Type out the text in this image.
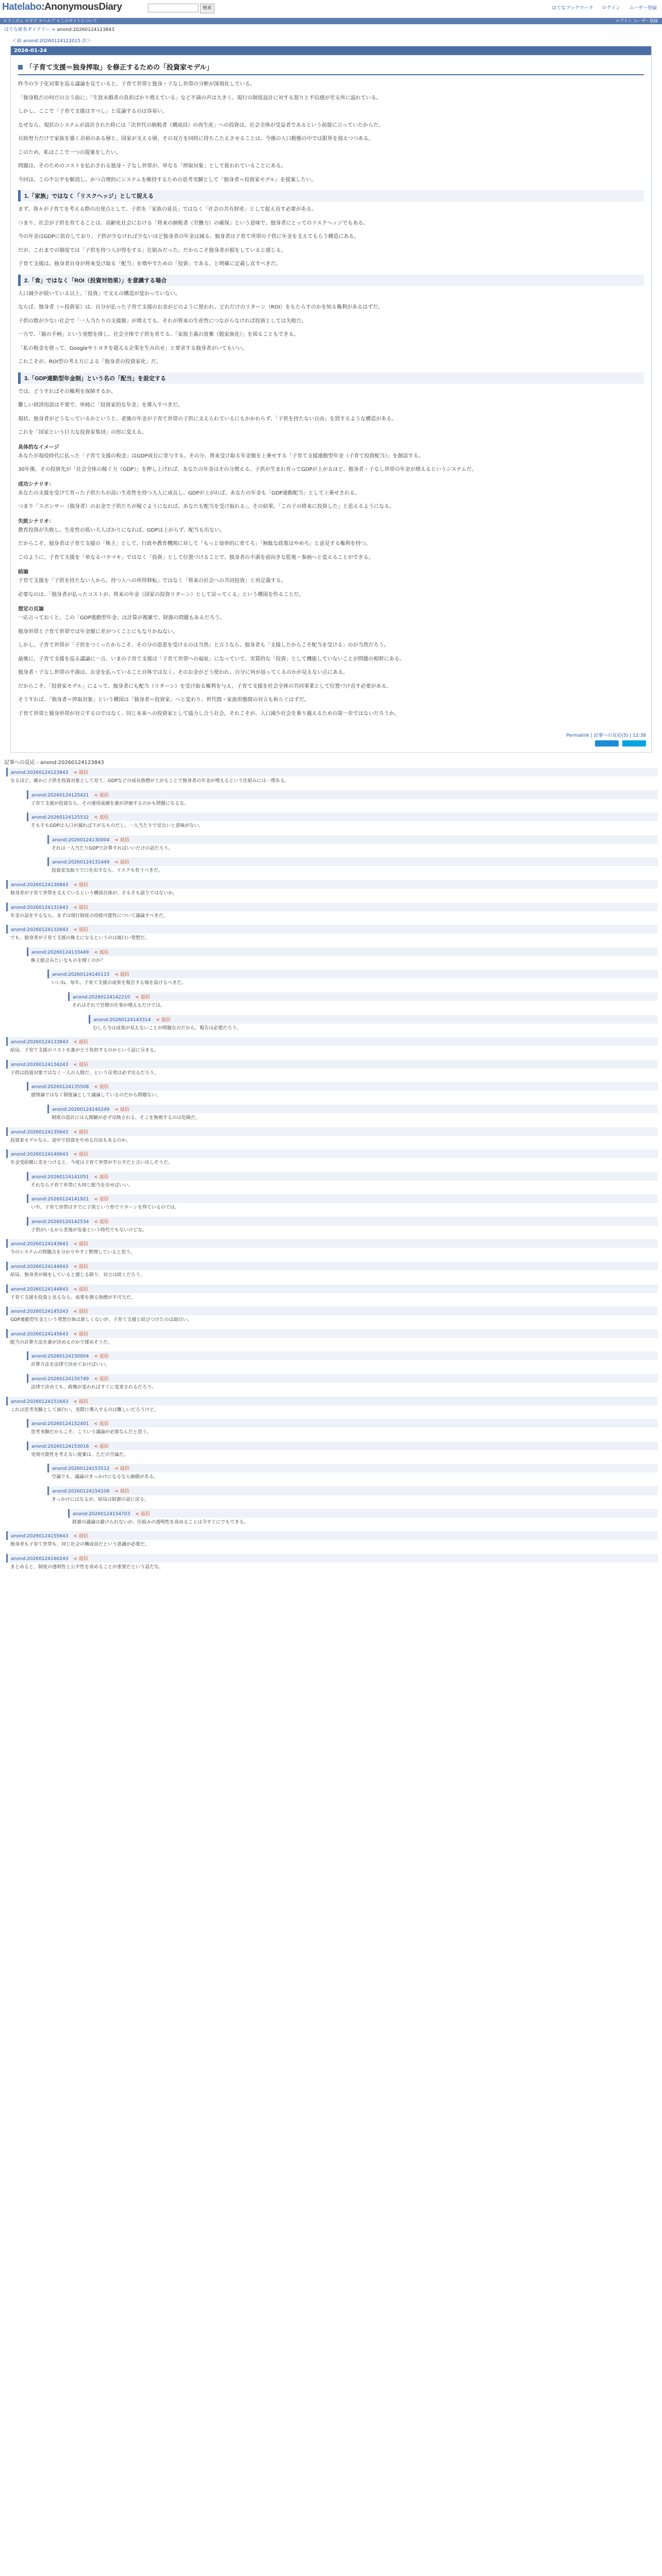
Hatelabo:AnonymousDiary	検索	はてなブックマーク ログイン ユーザー登録
＊ランダム ＊タグ ＊ヘルプ ＊このサイトについて	ログイン ユーザー登録
はてな匿名ダイアリー > anond:20260124123843
＜前 anond:20260124122015 次＞
2026-01-24
「子育て支援＝独身搾取」を修正するための「投資家モデル」

昨今の少子化対策を巡る議論を見ていると、子育て世帯と独身・子なし世帯の分断が深刻化している。

「独身税だの何だの言う前に」「生涯未婚者の負担ばかり増えている」など不満の声は大きく、現行の制度設計に対する怒りと不信感が至る所に溢れている。

しかし、ここで「子育て支援はすべし」と反論するのは容易い。

なぜなら、現状のシステムが設計された時には「次世代の納税者（構成員）の再生産」への投資は、社会全体が受益者であるという前提に立っていたからだ。

自助努力だけで家族を築く余裕のある層と、国家が支える層、その双方を同時に持ちこたえさせることは、今後の人口動態の中では限界を迎えつつある。

このため、私はここで一つの提案をしたい。

問題は、そのためのコストを払わされる独身・子なし世帯が、単なる「搾取対象」として扱われていることにある。

今回は、この不公平を解消し、かつ合理的にシステムを維持するための思考実験として「独身者＝投資家モデル」を提案したい。

1.「家族」ではなく「リスクヘッジ」として捉える

まず、我々が子育てを考える際の出発点として、子供を「家族の延長」ではなく「社会の共有財産」として捉え直す必要がある。

つまり、社会が子供を育てることは、高齢化社会における「将来の納税者（労働力）の確保」という意味で、独身者にとってのリスクヘッジでもある。

今の年金はGDPに依存しており、子供が少なければ少ないほど独身者の年金は減る。独身者は子育て世帯の子供に年金を支えてもらう構造にある。

だが、これまでの制度では「子供を持つ人が得をする」仕組みだった。だからこそ独身者が損をしていると感じる。

子育て支援は、独身者自身が将来受け取る「配当」を増やすための「投資」である、と明確に定義し直すべきだ。

2.「食」ではなく「ROI（投資対効果）」を意識する場合

人口減少が続いている以上、「投資」で支えの構造が変わっていない。

ならば、独身者（＝投資家）は、自分が払った子育て支援のお金がどのように使われ、どれだけのリターン（ROI）をもたらすのかを知る権利があるはずだ。

子供の数が少ない社会で「一人当たりの支援額」が増えても、それが将来の生産性につながらなければ投資としては失敗だ。

一方で、「親の手柄」という発想を排し、社会全体で子供を育てる、「家族主義の放棄（脱家族化）」を図ることもできる。

「私の税金を使って、Googleやトヨタを超える企業を生み出せ」と要求する独身者がいてもいい。

これこそが、ROI型の考え方による「独身者の投資家化」だ。

3.「GDP連動型年金制」という名の「配当」を設定する

では、どうすればその権利を保障するか。

難しい経済用語は不要で、単純に「投資家的な年金」を導入すべきだ。

現状、独身者がどうなっているかというと、老後の年金が子育て世帯の子供に支えられているにもかかわらず、「子供を持たない自由」を罰するような構造がある。

これを「国家という巨大な投資家集団」の形に変える。

具体的なイメージ

あなたが現役時代に払った「子育て支援の税金」はGDP成長に寄与する。その分、将来受け取る年金額を上乗せする「子育て支援連動型年金（子育て投資配当）」を創設する。

30年後、その投資先が「社会全体の稼ぐ力（GDP）」を押し上げれば、あなたの年金はその分増える。子供が生まれ育ってGDPが上がるほど、独身者・子なし世帯の年金が増えるというシステムだ。

成功シナリオ：

あなたの支援を受けて育った子供たちが高い生産性を持つ大人に成長し、GDPが上がれば、あなたの年金も「GDP連動配当」として上乗せされる。

つまり「スポンサー（独身者）のお金で子供たちが稼ぐようになれば、あなたも配当を受け取れる」。その結果、「この子の将来に投資した」と思えるようになる。

失敗シナリオ：

教育投資が失敗し、生産性の低い大人ばかりになれば、GDPは上がらず、配当も出ない。

だからこそ、独身者は子育て支援の「株主」として、行政や教育機関に対して「もっと効率的に育てろ」「無駄な政策はやめろ」と意見する権利を持つ。

このように、子育て支援を「単なるバラマキ」ではなく「投資」として位置づけることで、独身者の不満を前向きな監視・参画へと変えることができる。

結論

子育て支援を「子供を持たない人から、持つ人への所得移転」ではなく「将来の社会への共同投資」と再定義する。

必要なのは、「独身者が払ったコストが、将来の年金（国家の投資リターン）として戻ってくる」という構図を作ることだ。

想定の反論

一応言っておくと、この「GDP連動型年金」は計算が複雑で、財源の問題もあるだろう。

独身世帯と子育て世帯では年金額に差がつくことにもなりかねない。

しかし、子育て世帯が「子供をつくったからこそ、その分の恩恵を受けるのは当然」と言うなら、独身者も「支援したからこそ配当を受ける」のが当然だろう。

最後に、子育て支援を巡る議論に一言。いまの子育て支援は「子育て世帯への福祉」になっていて、実質的な「投資」として機能していないことが問題の根幹にある。

独身者・子なし世帯の不満は、お金を払っていること自体ではなく、そのお金がどう使われ、自分に何が返ってくるのかが見えない点にある。

だからこそ、「投資家モデル」によって、独身者にも配当（リターン）を受け取る権利を与え、子育て支援を社会全体の共同事業として位置づけ直す必要がある。

そうすれば、「独身者＝搾取対象」という構図は「独身者＝投資家」へと変わり、世代間・家族形態間の対立も和らぐはずだ。

子育て世帯と独身世帯が対立するのではなく、同じ未来への投資家として協力し合う社会。それこそが、人口減少社会を乗り越えるための第一歩ではないだろうか。

Permalink | 記事への反応(5) | 12:38

記事への反応 - anond:20260124123843
anond:20260124123843 < 返信
なるほど、確かに子供を投資対象として見て、GDPなどの成長指標が上がることで独身者の年金が増えるという仕組みには一理ある。
anond:20260124125421 < 返信
子育て支援が投資なら、その運用成績を誰が評価するのかも問題になるな。
anond:20260124125532 < 返信
そもそもGDPは人口が減れば下がるものだし、一人当たりで見ないと意味がない。
anond:20260124130004 < 返信
それは一人当たりGDPで計算すればいいだけの話だろう。
anond:20260124131449 < 返信
投資家気取りで口を出すなら、リスクも負うべきだ。
anond:20260124130843 < 返信
独身者が子育て世帯を支えているという構図自体が、そもそも誤りではないか。
anond:20260124131643 < 返信
年金の話をするなら、まずは現行制度の持続可能性について議論すべきだ。
anond:20260124132643 < 返信
でも、独身者が子育て支援の株主になるというのは面白い発想だ。
anond:20260124133449 < 返信
株主総会みたいなものを開くのか？
anond:20260124140115 < 返信
いいね。毎年、子育て支援の成果を報告する場を設けるべきだ。
anond:20260124142210 < 返信
それはそれで官僚の仕事が増えるだけでは。
anond:20260124143314 < 返信
むしろ今は成果が見えないことが問題なのだから、報告は必要だろう。
anond:20260124133843 < 返信
結局、子育て支援のコストを誰がどう負担するのかという話に尽きる。
anond:20260124134243 < 返信
子供は投資対象ではなく一人の人間だ、という反発は必ず出るだろう。
anond:20260124135508 < 返信
感情論ではなく制度論として議論しているのだから問題ない。
anond:20260124140249 < 返信
制度の設計には人間観が必ず反映される。そこを無視するのは危険だ。
anond:20260124135643 < 返信
投資家モデルなら、途中で投資をやめる自由もあるのか。
anond:20260124140643 < 返信
年金受給額に差をつけると、今度は子育て世帯が不公平だと言い出しそうだ。
anond:20260124141051 < 返信
それなら子育て世帯にも同じ配当を出せばいい。
anond:20260124141921 < 返信
いや、子育て世帯はすでに子供という形でリターンを得ているのでは。
anond:20260124142534 < 返信
子供がいるから老後が安泰という時代でもないけどな。
anond:20260124143643 < 返信
今のシステムの問題点を分かりやすく整理していると思う。
anond:20260124144043 < 返信
結局、独身者が損をしていると感じる限り、対立は続くだろう。
anond:20260124144843 < 返信
子育て支援を投資と見るなら、成果を測る指標が不可欠だ。
anond:20260124145243 < 返信
GDP連動型年金という発想自体は新しくないが、子育て支援と結びつけたのは面白い。
anond:20260124145643 < 返信
配当の計算方法を誰が決めるのかで揉めそうだ。
anond:20260124150004 < 返信
計算方法を法律で決めておけばいい。
anond:20260124150749 < 返信
法律で決めても、政権が変わればすぐに変更されるだろう。
anond:20260124151643 < 返信
これは思考実験として面白い。実際に導入するのは難しいだろうけど。
anond:20260124152401 < 返信
思考実験だからこそ、こういう議論が必要なんだと思う。
anond:20260124153016 < 返信
実現可能性を考えない提案は、ただの空論だ。
anond:20260124153512 < 返信
空論でも、議論のきっかけになるなら価値がある。
anond:20260124154108 < 返信
きっかけにはなるが、結局は財源の話に戻る。
anond:20260124154703 < 返信
財源の議論は避けられないが、仕組みの透明性を高めることは今すぐにでもできる。
anond:20260124155643 < 返信
独身者も子育て世帯も、同じ社会の構成員だという意識が必要だ。
anond:20260124160243 < 返信
まとめると、制度の透明性と公平性を高めることが重要だという話だな。
